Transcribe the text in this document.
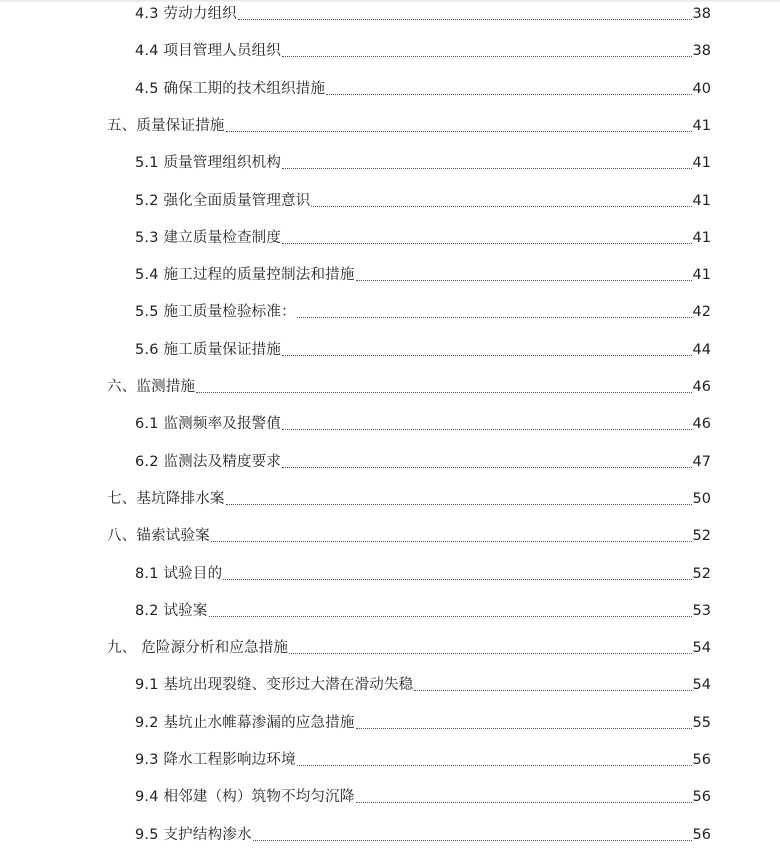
4.3 劳动力组织	38
4.4 项目管理人员组织	38
4.5 确保工期的技术组织措施	40
五、质量保证措施	41
5.1 质量管理组织机构	41
5.2 强化全面质量管理意识	41
5.3 建立质量检查制度	41
5.4 施工过程的质量控制法和措施	41
5.5 施工质量检验标准：	42
5.6 施工质量保证措施	44
六、监测措施	46
6.1 监测频率及报警值	46
6.2 监测法及精度要求	47
七、基坑降排水案	50
八、锚索试验案	52
8.1 试验目的	52
8.2 试验案	53
九、 危险源分析和应急措施	54
9.1 基坑出现裂缝、变形过大潜在滑动失稳	54
9.2 基坑止水帷幕渗漏的应急措施	55
9.3 降水工程影响边环境	56
9.4 相邻建（构）筑物不均匀沉降	56
9.5 支护结构渗水	56
